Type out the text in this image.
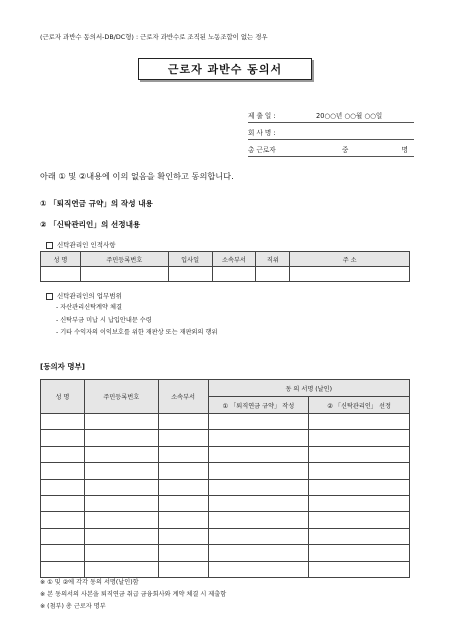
(근로자 과반수 동의서-DB/DC형) : 근로자 과반수로 조직된 노동조합이 없는 경우
근로자 과반수 동의서
제 출 일 :	20○○년 ○○월 ○○일
회 사 명 :
총 근로자	중	명
아래 ① 및 ②내용에 이의 없음을 확인하고 동의합니다.
① 「퇴직연금 규약」의 작성 내용
② 「신탁관리인」의 선정내용
신탁관리인 인적사항
성 명	주민등록번호	입사일	소속부서	직위	주 소

신탁관리인의 업무범위
- 자산관리신탁계약 체결
- 신탁부금 미납 시 납입안내문 수령
- 기타 수익자의 이익보호를 위한 재판상 또는 재판외의 행위
[동의자 명부]
성 명	주민등록번호	소속부서	동 의 서명 (날인)	
			① 「퇴직연금 규약」 작성	② 「신탁관리인」 선정

※ ① 및 ②에 각각 동의 서명(날인)함
※ 본 동의서의 사본을 퇴직연금 취급 금융회사와 계약 체결 시 제출함
※ (첨부) 총 근로자 명부
